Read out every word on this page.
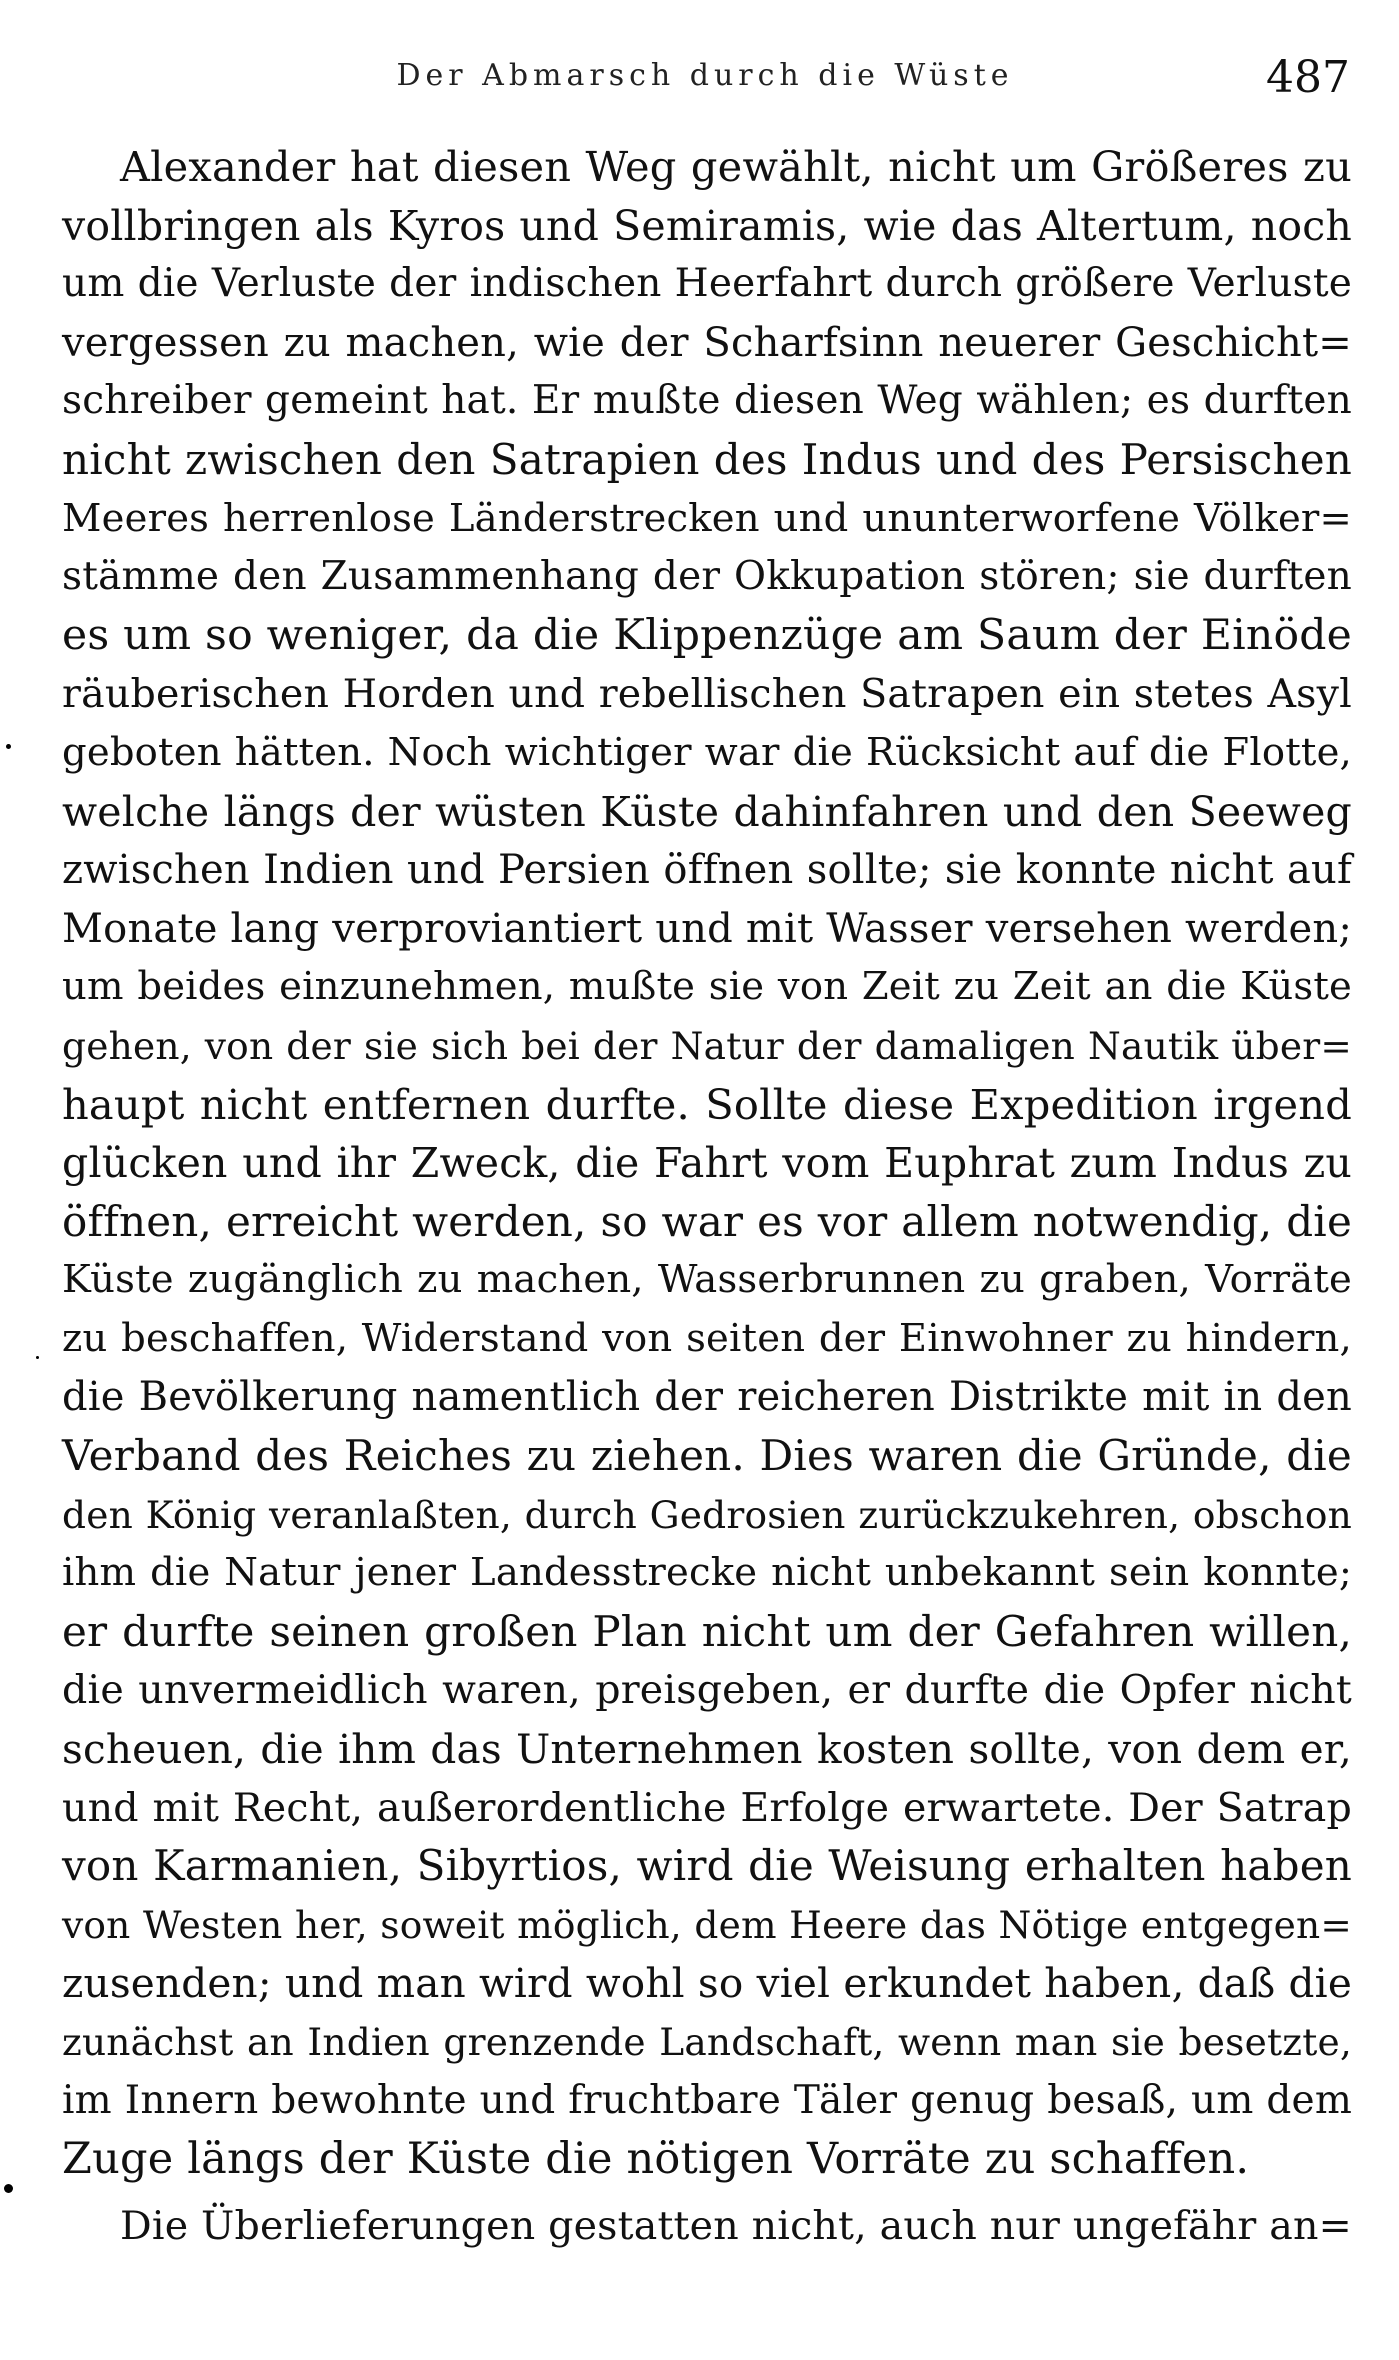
Der Abmarsch durch die Wüste	487
Alexander hat diesen Weg gewählt, nicht um Größeres zu
vollbringen als Kyros und Semiramis, wie das Altertum, noch
um die Verluste der indischen Heerfahrt durch größere Verluste
vergessen zu machen, wie der Scharfsinn neuerer Geschicht=
schreiber gemeint hat. Er mußte diesen Weg wählen; es durften
nicht zwischen den Satrapien des Indus und des Persischen
Meeres herrenlose Länderstrecken und ununterworfene Völker=
stämme den Zusammenhang der Okkupation stören; sie durften
es um so weniger, da die Klippenzüge am Saum der Einöde
räuberischen Horden und rebellischen Satrapen ein stetes Asyl
geboten hätten. Noch wichtiger war die Rücksicht auf die Flotte,
welche längs der wüsten Küste dahinfahren und den Seeweg
zwischen Indien und Persien öffnen sollte; sie konnte nicht auf
Monate lang verproviantiert und mit Wasser versehen werden;
um beides einzunehmen, mußte sie von Zeit zu Zeit an die Küste
gehen, von der sie sich bei der Natur der damaligen Nautik über=
haupt nicht entfernen durfte. Sollte diese Expedition irgend
glücken und ihr Zweck, die Fahrt vom Euphrat zum Indus zu
öffnen, erreicht werden, so war es vor allem notwendig, die
Küste zugänglich zu machen, Wasserbrunnen zu graben, Vorräte
zu beschaffen, Widerstand von seiten der Einwohner zu hindern,
die Bevölkerung namentlich der reicheren Distrikte mit in den
Verband des Reiches zu ziehen. Dies waren die Gründe, die
den König veranlaßten, durch Gedrosien zurückzukehren, obschon
ihm die Natur jener Landesstrecke nicht unbekannt sein konnte;
er durfte seinen großen Plan nicht um der Gefahren willen,
die unvermeidlich waren, preisgeben, er durfte die Opfer nicht
scheuen, die ihm das Unternehmen kosten sollte, von dem er,
und mit Recht, außerordentliche Erfolge erwartete. Der Satrap
von Karmanien, Sibyrtios, wird die Weisung erhalten haben
von Westen her, soweit möglich, dem Heere das Nötige entgegen=
zusenden; und man wird wohl so viel erkundet haben, daß die
zunächst an Indien grenzende Landschaft, wenn man sie besetzte,
im Innern bewohnte und fruchtbare Täler genug besaß, um dem
Zuge längs der Küste die nötigen Vorräte zu schaffen.
Die Überlieferungen gestatten nicht, auch nur ungefähr an=
